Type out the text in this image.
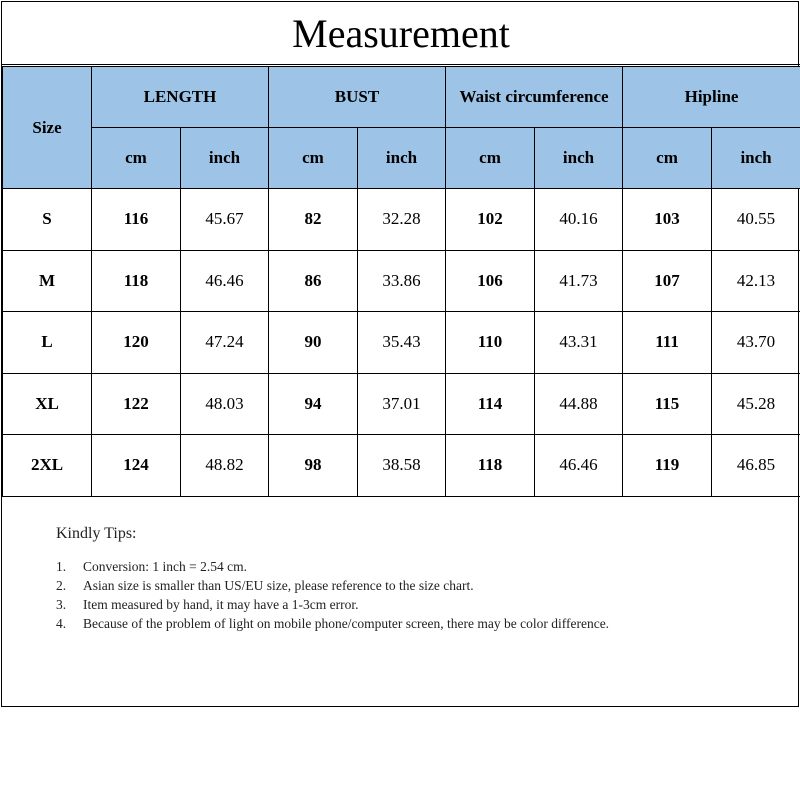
Measurement
Size	LENGTH		BUST		Waist circumference		Hipline	
	cm	inch	cm	inch	cm	inch	cm	inch
S	116	45.67	82	32.28	102	40.16	103	40.55
M	118	46.46	86	33.86	106	41.73	107	42.13
L	120	47.24	90	35.43	110	43.31	111	43.70
XL	122	48.03	94	37.01	114	44.88	115	45.28
2XL	124	48.82	98	38.58	118	46.46	119	46.85
Kindly Tips:
1.	Conversion: 1 inch = 2.54 cm.
2.	Asian size is smaller than US/EU size, please reference to the size chart.
3.	Item measured by hand, it may have a 1-3cm error.
4.	Because of the problem of light on mobile phone/computer screen, there may be color difference.
